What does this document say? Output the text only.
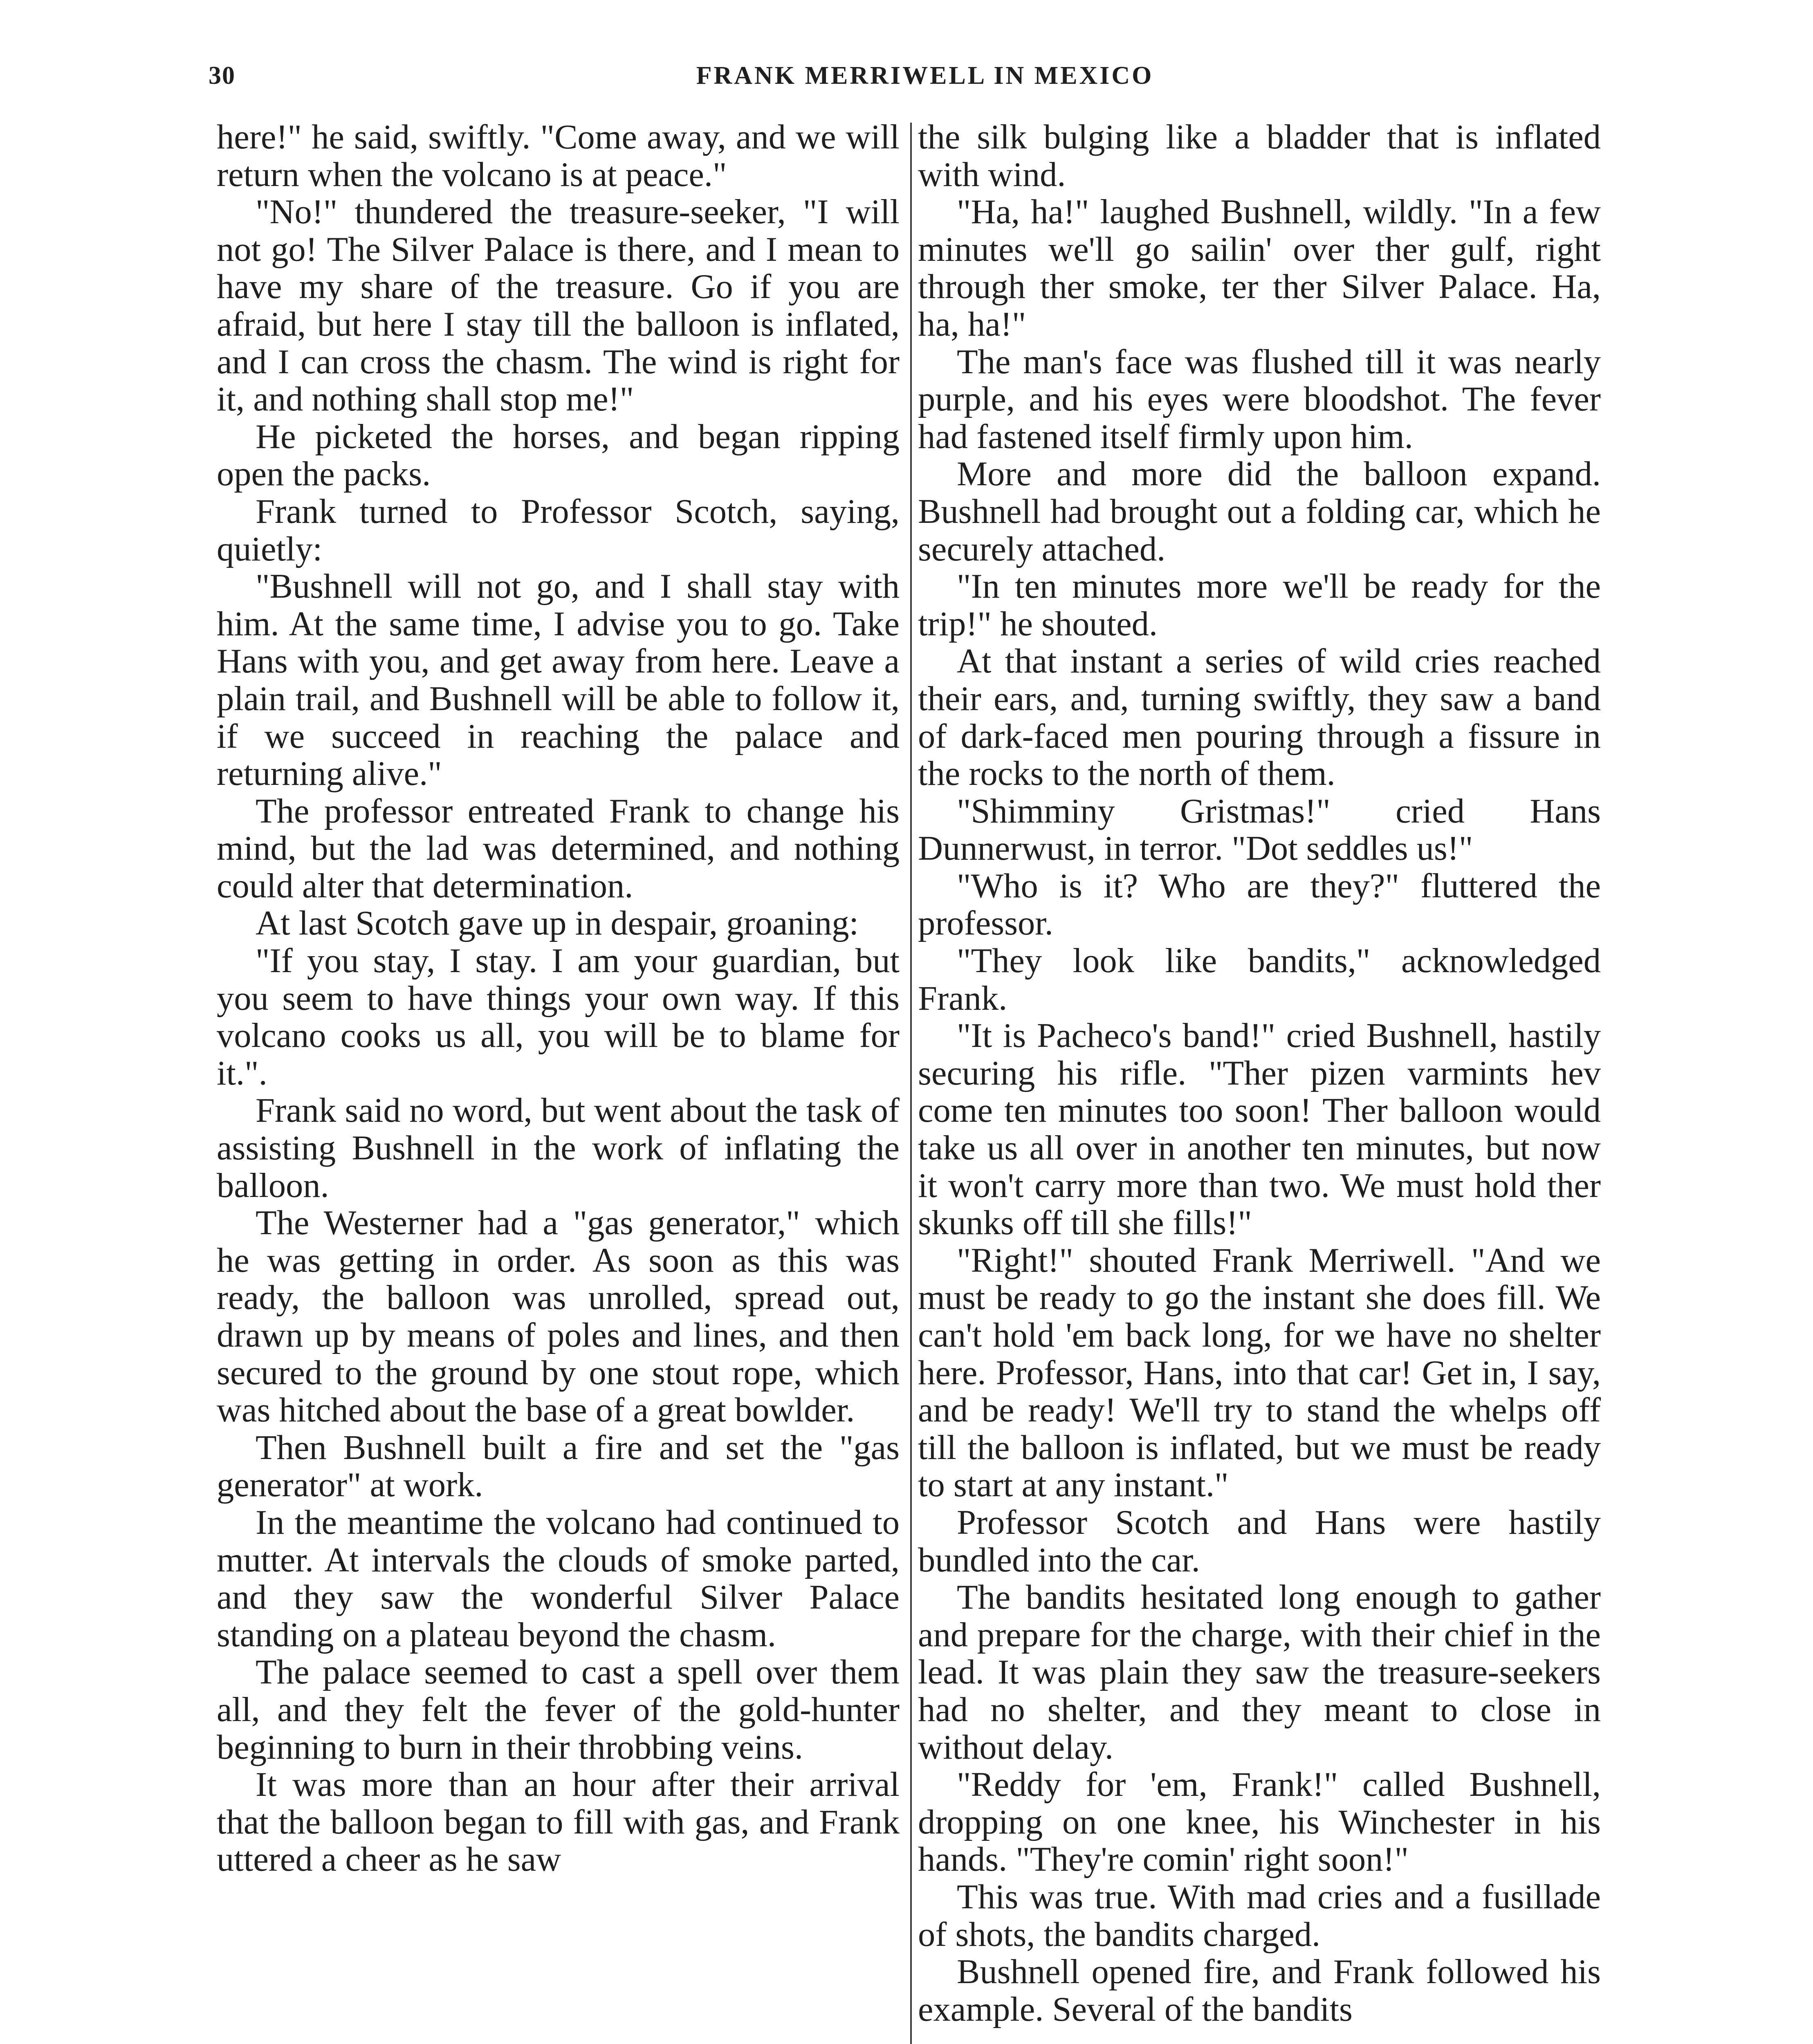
30	FRANK MERRIWELL IN MEXICO

here!" he said, swiftly. "Come away, and we will return when the volcano is at peace."

"No!" thundered the treasure-seeker, "I will not go! The Silver Palace is there, and I mean to have my share of the treasure. Go if you are afraid, but here I stay till the balloon is inflated, and I can cross the chasm. The wind is right for it, and nothing shall stop me!"

He picketed the horses, and began ripping open the packs.

Frank turned to Professor Scotch, saying, quietly:

"Bushnell will not go, and I shall stay with him. At the same time, I advise you to go. Take Hans with you, and get away from here. Leave a plain trail, and Bushnell will be able to follow it, if we succeed in reaching the palace and returning alive."

The professor entreated Frank to change his mind, but the lad was determined, and nothing could alter that determination.

At last Scotch gave up in despair, groaning:

"If you stay, I stay. I am your guardian, but you seem to have things your own way. If this volcano cooks us all, you will be to blame for it.".

Frank said no word, but went about the task of assisting Bushnell in the work of inflating the balloon.

The Westerner had a "gas generator," which he was getting in order. As soon as this was ready, the balloon was unrolled, spread out, drawn up by means of poles and lines, and then secured to the ground by one stout rope, which was hitched about the base of a great bowlder.

Then Bushnell built a fire and set the "gas generator" at work.

In the meantime the volcano had continued to mutter. At intervals the clouds of smoke parted, and they saw the wonderful Silver Palace standing on a plateau beyond the chasm.

The palace seemed to cast a spell over them all, and they felt the fever of the gold-hunter beginning to burn in their throbbing veins.

It was more than an hour after their arrival that the balloon began to fill with gas, and Frank uttered a cheer as he saw

the silk bulging like a bladder that is inflated with wind.

"Ha, ha!" laughed Bushnell, wildly. "In a few minutes we'll go sailin' over ther gulf, right through ther smoke, ter ther Silver Palace. Ha, ha, ha!"

The man's face was flushed till it was nearly purple, and his eyes were bloodshot. The fever had fastened itself firmly upon him.

More and more did the balloon expand. Bushnell had brought out a folding car, which he securely attached.

"In ten minutes more we'll be ready for the trip!" he shouted.

At that instant a series of wild cries reached their ears, and, turning swiftly, they saw a band of dark-faced men pouring through a fissure in the rocks to the north of them.

"Shimminy Gristmas!" cried Hans Dunnerwust, in terror. "Dot seddles us!"

"Who is it? Who are they?" fluttered the professor.

"They look like bandits," acknowledged Frank.

"It is Pacheco's band!" cried Bushnell, hastily securing his rifle. "Ther pizen varmints hev come ten minutes too soon! Ther balloon would take us all over in another ten minutes, but now it won't carry more than two. We must hold ther skunks off till she fills!"

"Right!" shouted Frank Merriwell. "And we must be ready to go the instant she does fill. We can't hold 'em back long, for we have no shelter here. Professor, Hans, into that car! Get in, I say, and be ready! We'll try to stand the whelps off till the balloon is inflated, but we must be ready to start at any instant."

Professor Scotch and Hans were hastily bundled into the car.

The bandits hesitated long enough to gather and prepare for the charge, with their chief in the lead. It was plain they saw the treasure-seekers had no shelter, and they meant to close in without delay.

"Reddy for 'em, Frank!" called Bushnell, dropping on one knee, his Winchester in his hands. "They're comin' right soon!"

This was true. With mad cries and a fusillade of shots, the bandits charged.

Bushnell opened fire, and Frank followed his example. Several of the bandits
